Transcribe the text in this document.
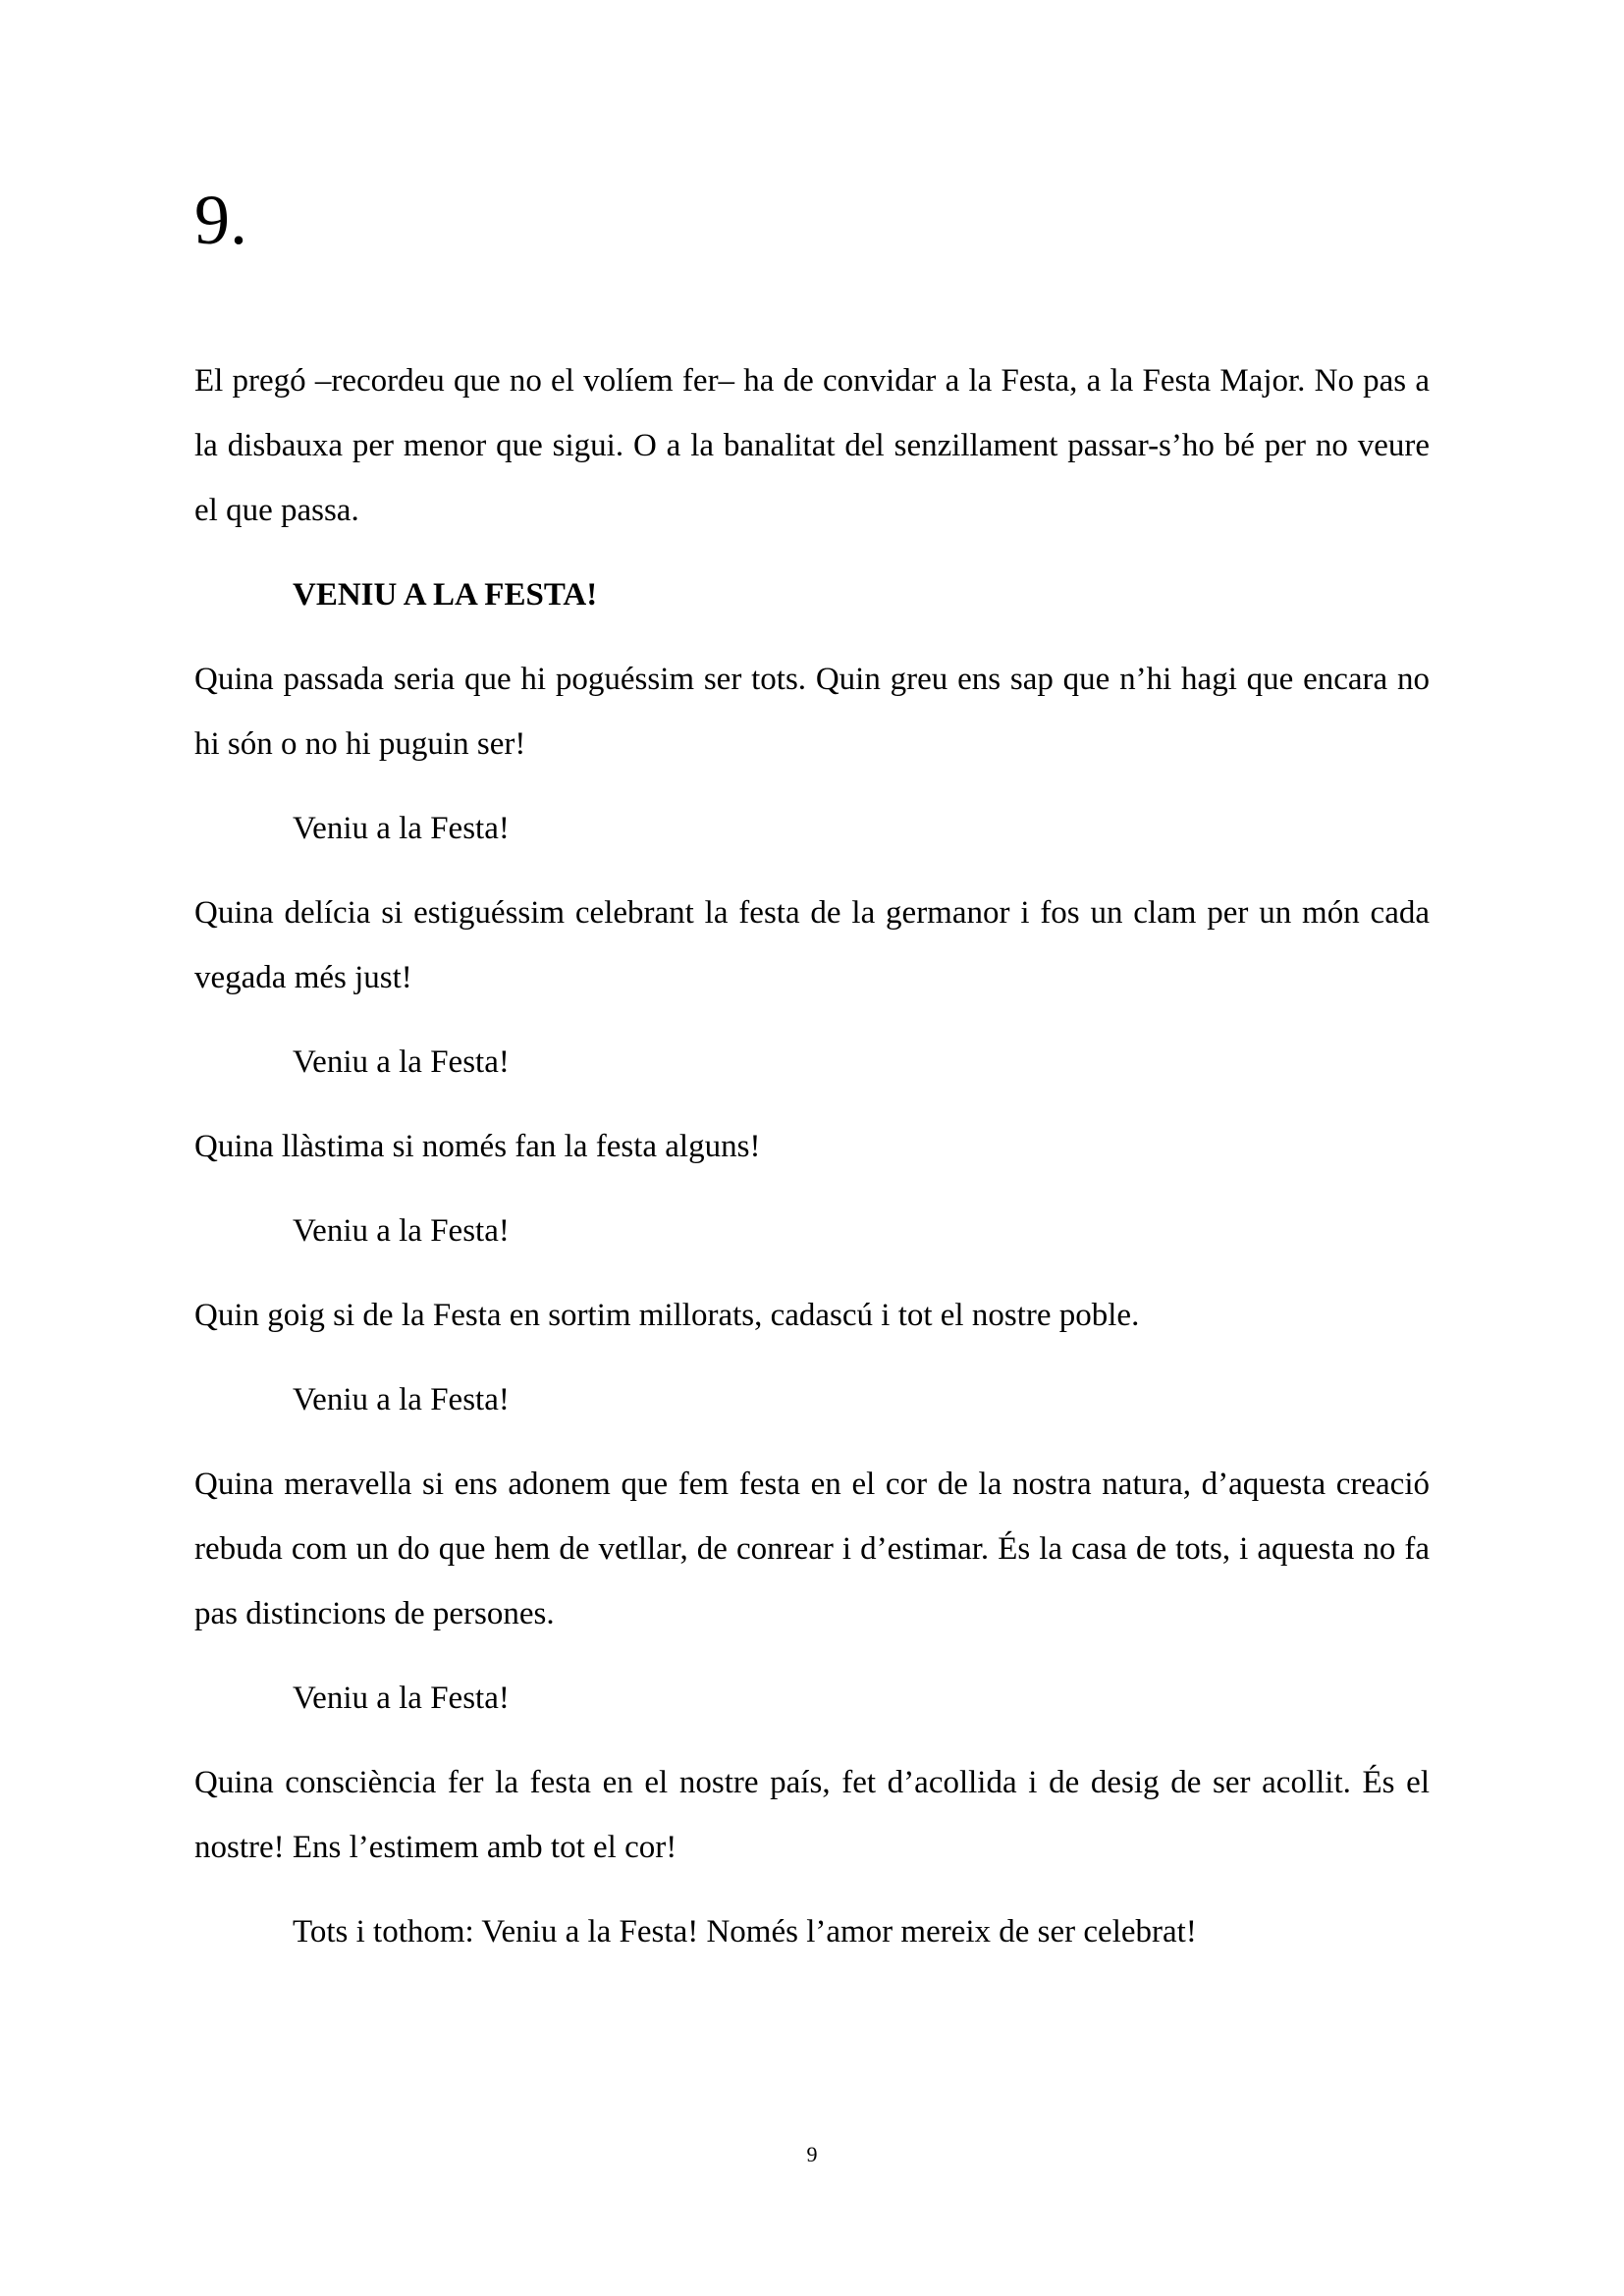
9.
El pregó –recordeu que no el volíem fer– ha de convidar a la Festa, a la Festa Major. No pas a la disbauxa per menor que sigui. O a la banalitat del senzillament passar-s’ho bé per no veure el que passa.
VENIU A LA FESTA!
Quina passada seria que hi poguéssim ser tots. Quin greu ens sap que n’hi hagi que encara no hi són o no hi puguin ser!
Veniu a la Festa!
Quina delícia si estiguéssim celebrant la festa de la germanor i fos un clam per un món cada vegada més just!
Veniu a la Festa!
Quina llàstima si només fan la festa alguns!
Veniu a la Festa!
Quin goig si de la Festa en sortim millorats, cadascú i tot el nostre poble.
Veniu a la Festa!
Quina meravella si ens adonem que fem festa en el cor de la nostra natura, d’aquesta creació rebuda com un do que hem de vetllar, de conrear i d’estimar. És la casa de tots, i aquesta no fa pas distincions de persones.
Veniu a la Festa!
Quina consciència fer la festa en el nostre país, fet d’acollida i de desig de ser acollit. És el nostre! Ens l’estimem amb tot el cor!
Tots i tothom: Veniu a la Festa! Només l’amor mereix de ser celebrat!
9
